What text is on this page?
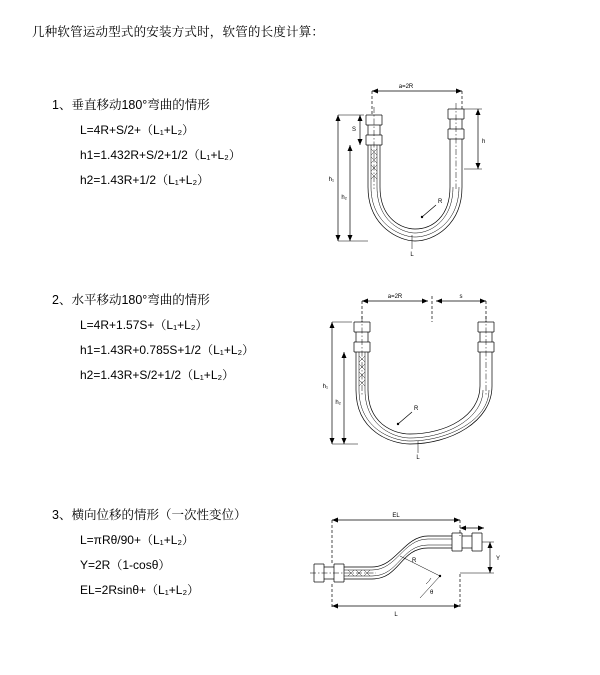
几种软管运动型式的安装方式时，软管的长度计算：
1、垂直移动180°弯曲的情形
L=4R+S/2+（L₁+L₂）
h1=1.432R+S/2+1/2（L₁+L₂）
h2=1.43R+1/2（L₁+L₂）
a=2R
S
h₁
h₂
h
R
L
2、水平移动180°弯曲的情形
L=4R+1.57S+（L₁+L₂）
h1=1.43R+0.785S+1/2（L₁+L₂）
h2=1.43R+S/2+1/2（L₁+L₂）
a=2R	s
h₁
h₂
R
L
3、横向位移的情形（一次性变位）
L=πRθ/90+（L₁+L₂）
Y=2R（1-cosθ）
EL=2Rsinθ+（L₁+L₂）
EL
Y
R
θ
L
